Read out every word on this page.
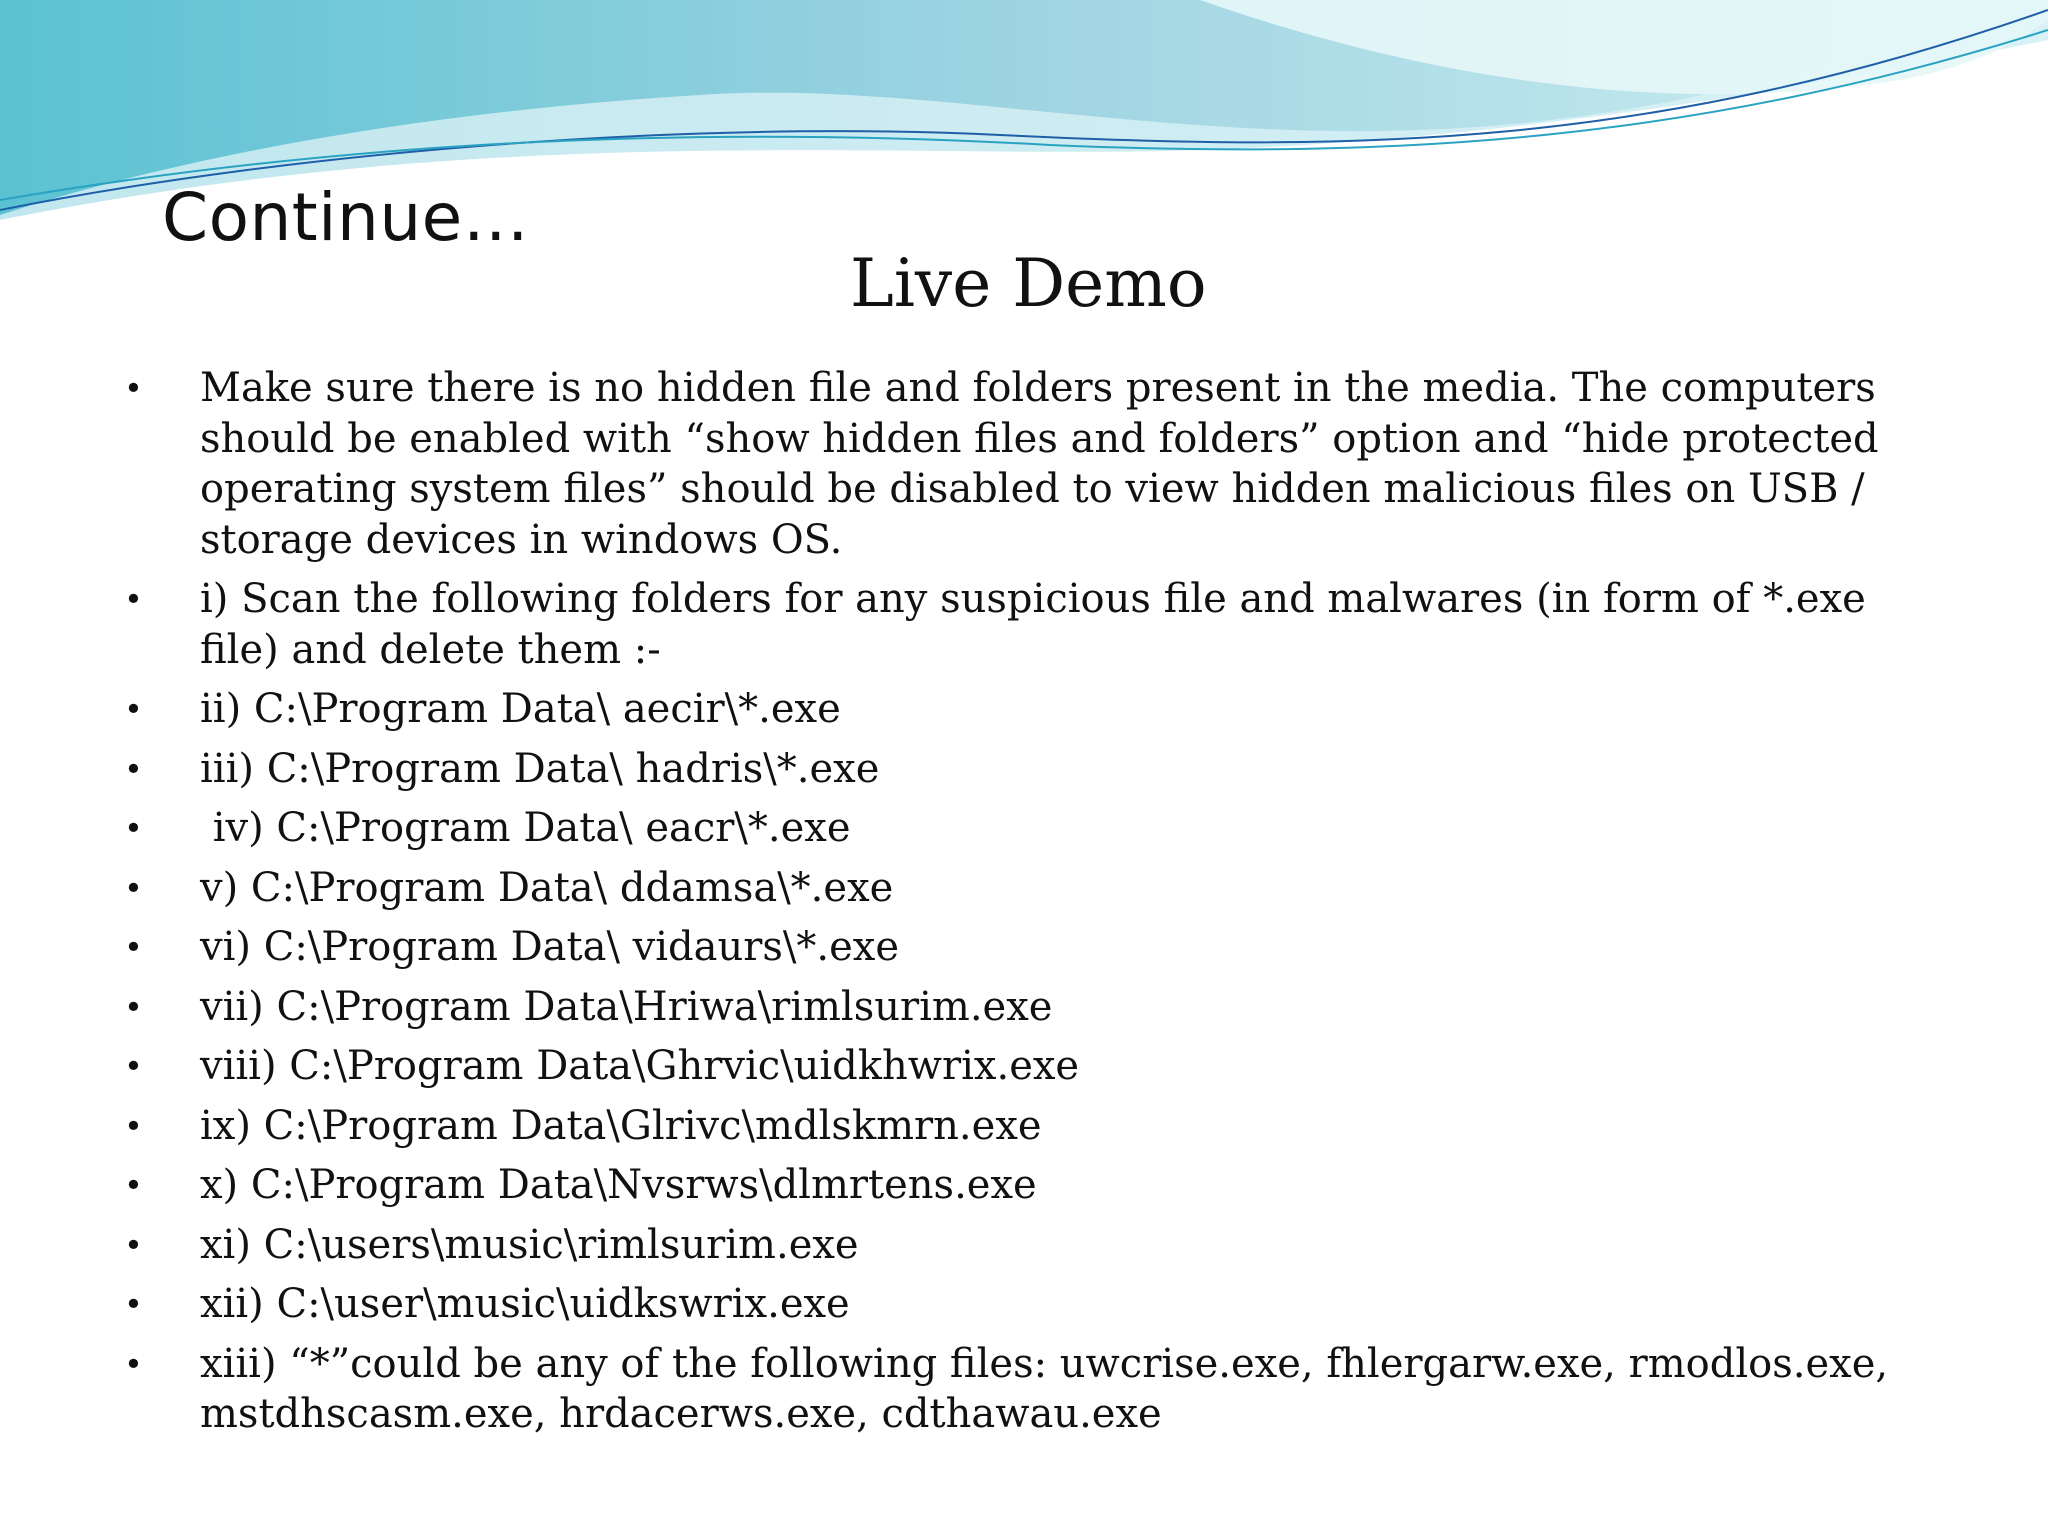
Continue…
Live Demo
• Make sure there is no hidden file and folders present in the media. The computers should be enabled with “show hidden files and folders” option and “hide protected operating system files” should be disabled to view hidden malicious files on USB / storage devices in windows OS.
• i) Scan the following folders for any suspicious file and malwares (in form of *.exe file) and delete them :-
• ii) C:\Program Data\ aecir\*.exe
• iii) C:\Program Data\ hadris\*.exe
• iv) C:\Program Data\ eacr\*.exe
• v) C:\Program Data\ ddamsa\*.exe
• vi) C:\Program Data\ vidaurs\*.exe
• vii) C:\Program Data\Hriwa\rimlsurim.exe
• viii) C:\Program Data\Ghrvic\uidkhwrix.exe
• ix) C:\Program Data\Glrivc\mdlskmrn.exe
• x) C:\Program Data\Nvsrws\dlmrtens.exe
• xi) C:\users\music\rimlsurim.exe
• xii) C:\user\music\uidkswrix.exe
• xiii) “*”could be any of the following files: uwcrise.exe, fhlergarw.exe, rmodlos.exe, mstdhscasm.exe, hrdacerws.exe, cdthawau.exe
